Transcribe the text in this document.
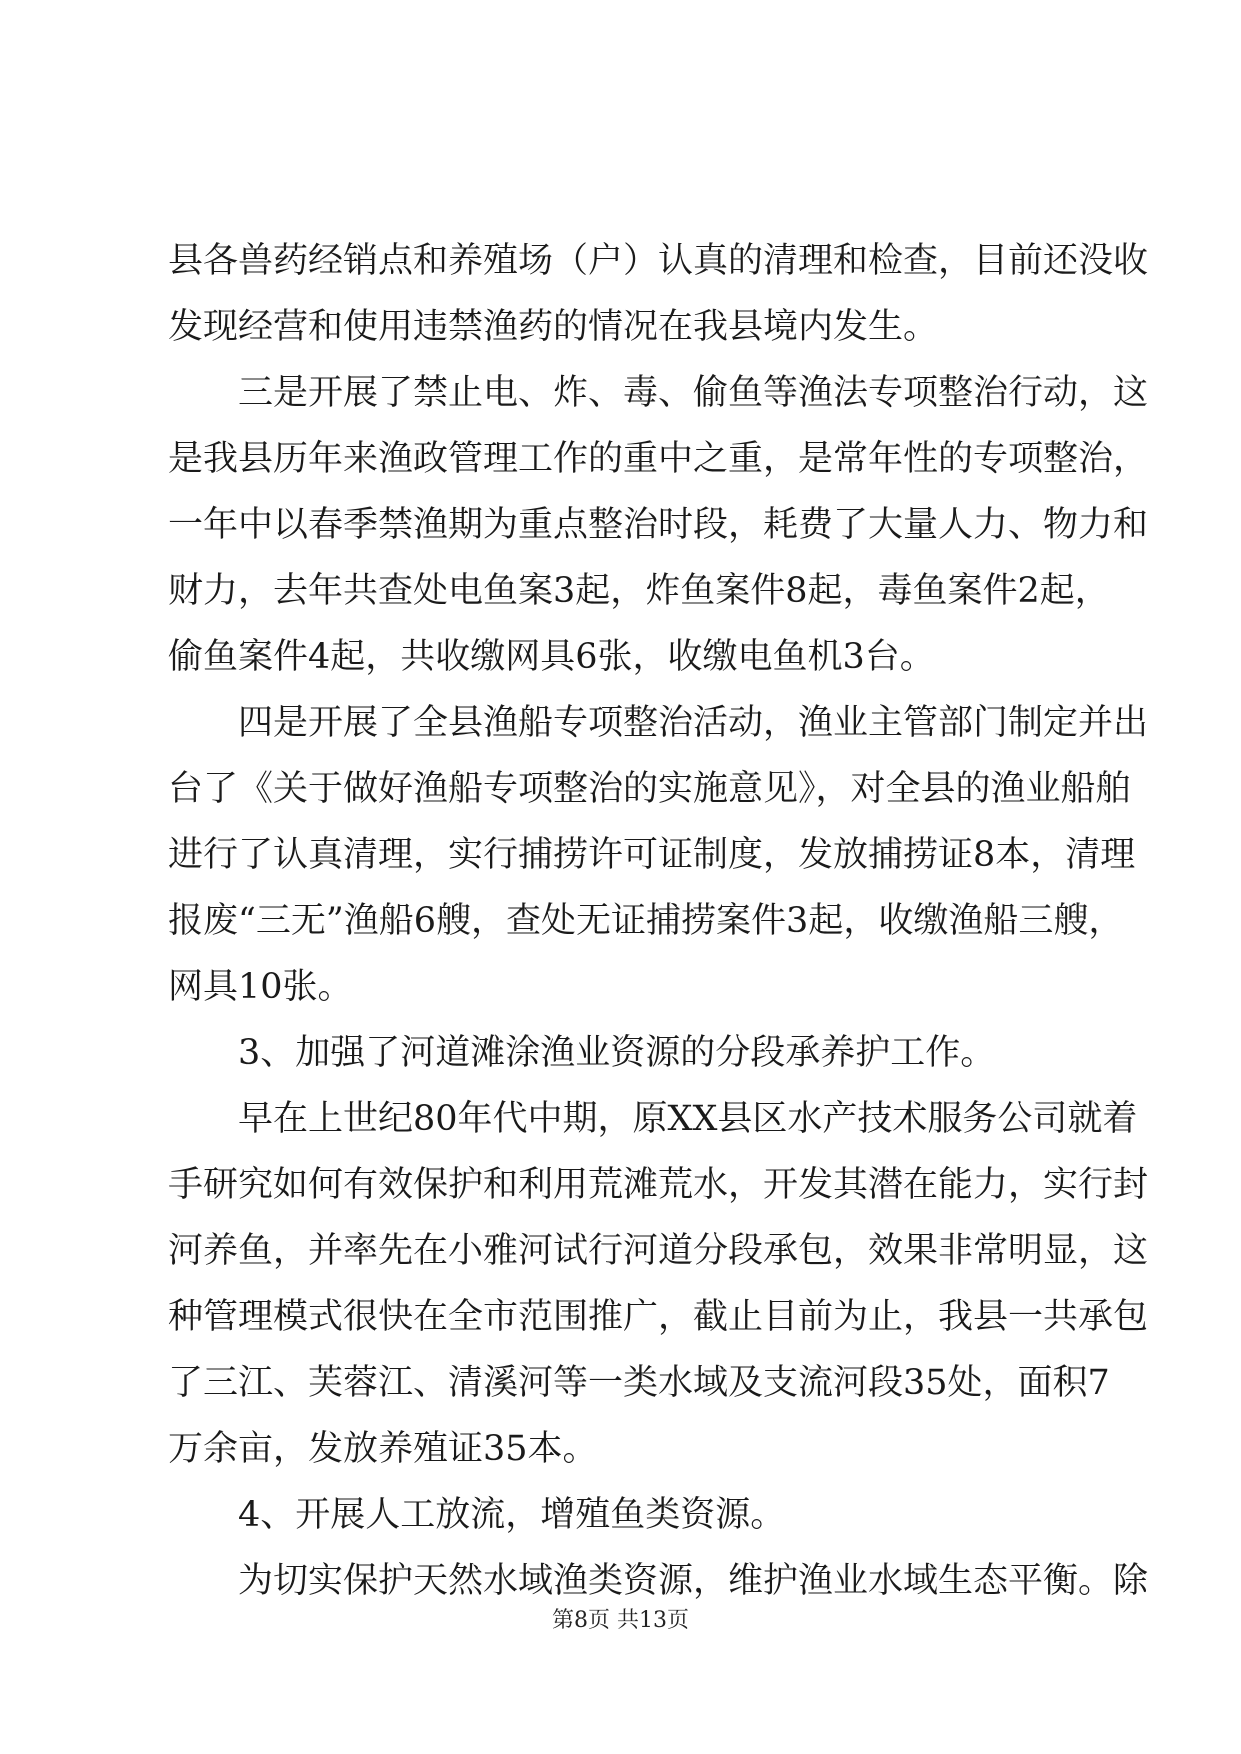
县各兽药经销点和养殖场（户）认真的清理和检查，目前还没收
发现经营和使用违禁渔药的情况在我县境内发生。
三是开展了禁止电、炸、毒、偷鱼等渔法专项整治行动，这
是我县历年来渔政管理工作的重中之重，是常年性的专项整治，
一年中以春季禁渔期为重点整治时段，耗费了大量人力、物力和
财力，去年共查处电鱼案3起，炸鱼案件8起，毒鱼案件2起，
偷鱼案件4起，共收缴网具6张，收缴电鱼机3台。
四是开展了全县渔船专项整治活动，渔业主管部门制定并出
台了《关于做好渔船专项整治的实施意见》，对全县的渔业船舶
进行了认真清理，实行捕捞许可证制度，发放捕捞证8本，清理
报废“三无”渔船6艘，查处无证捕捞案件3起，收缴渔船三艘，
网具10张。
3、加强了河道滩涂渔业资源的分段承养护工作。
早在上世纪80年代中期，原XX县区水产技术服务公司就着
手研究如何有效保护和利用荒滩荒水，开发其潜在能力，实行封
河养鱼，并率先在小雅河试行河道分段承包，效果非常明显，这
种管理模式很快在全市范围推广，截止目前为止，我县一共承包
了三江、芙蓉江、清溪河等一类水域及支流河段35处，面积7
万余亩，发放养殖证35本。
4、开展人工放流，增殖鱼类资源。
为切实保护天然水域渔类资源，维护渔业水域生态平衡。除
第8页 共13页
